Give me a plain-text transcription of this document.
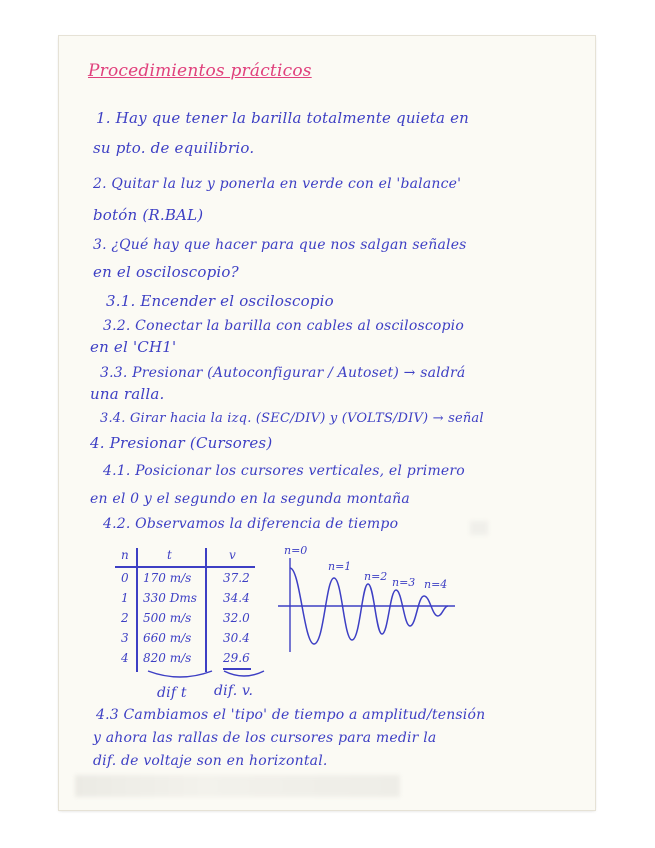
Procedimientos prácticos

1. Hay que tener la barilla totalmente quieta en

su pto. de equilibrio.

2. Quitar la luz y ponerla en verde con el 'balance'

botón (R.BAL)

3. ¿Qué hay que hacer para que nos salgan señales

en el osciloscopio?

3.1. Encender el osciloscopio

3.2. Conectar la barilla con cables al osciloscopio

en el 'CH1'

3.3. Presionar (Autoconfigurar / Autoset) → saldrá

una ralla.

3.4. Girar hacia la izq. (SEC/DIV) y (VOLTS/DIV) → señal

4. Presionar (Cursores)

4.1. Posicionar los cursores verticales, el primero

en el 0 y el segundo en la segunda montaña

4.2. Observamos la diferencia de tiempo

n	t	v
0	170 m/s	37.2
1	330 Dms	34.4
2	500 m/s	32.0
3	660 m/s	30.4
4	820 m/s	29.6

dif t dif. v.

n=0
n=1
n=2 n=3 n=4

4.3 Cambiamos el 'tipo' de tiempo a amplitud/tensión

y ahora las rallas de los cursores para medir la

dif. de voltaje son en horizontal.
